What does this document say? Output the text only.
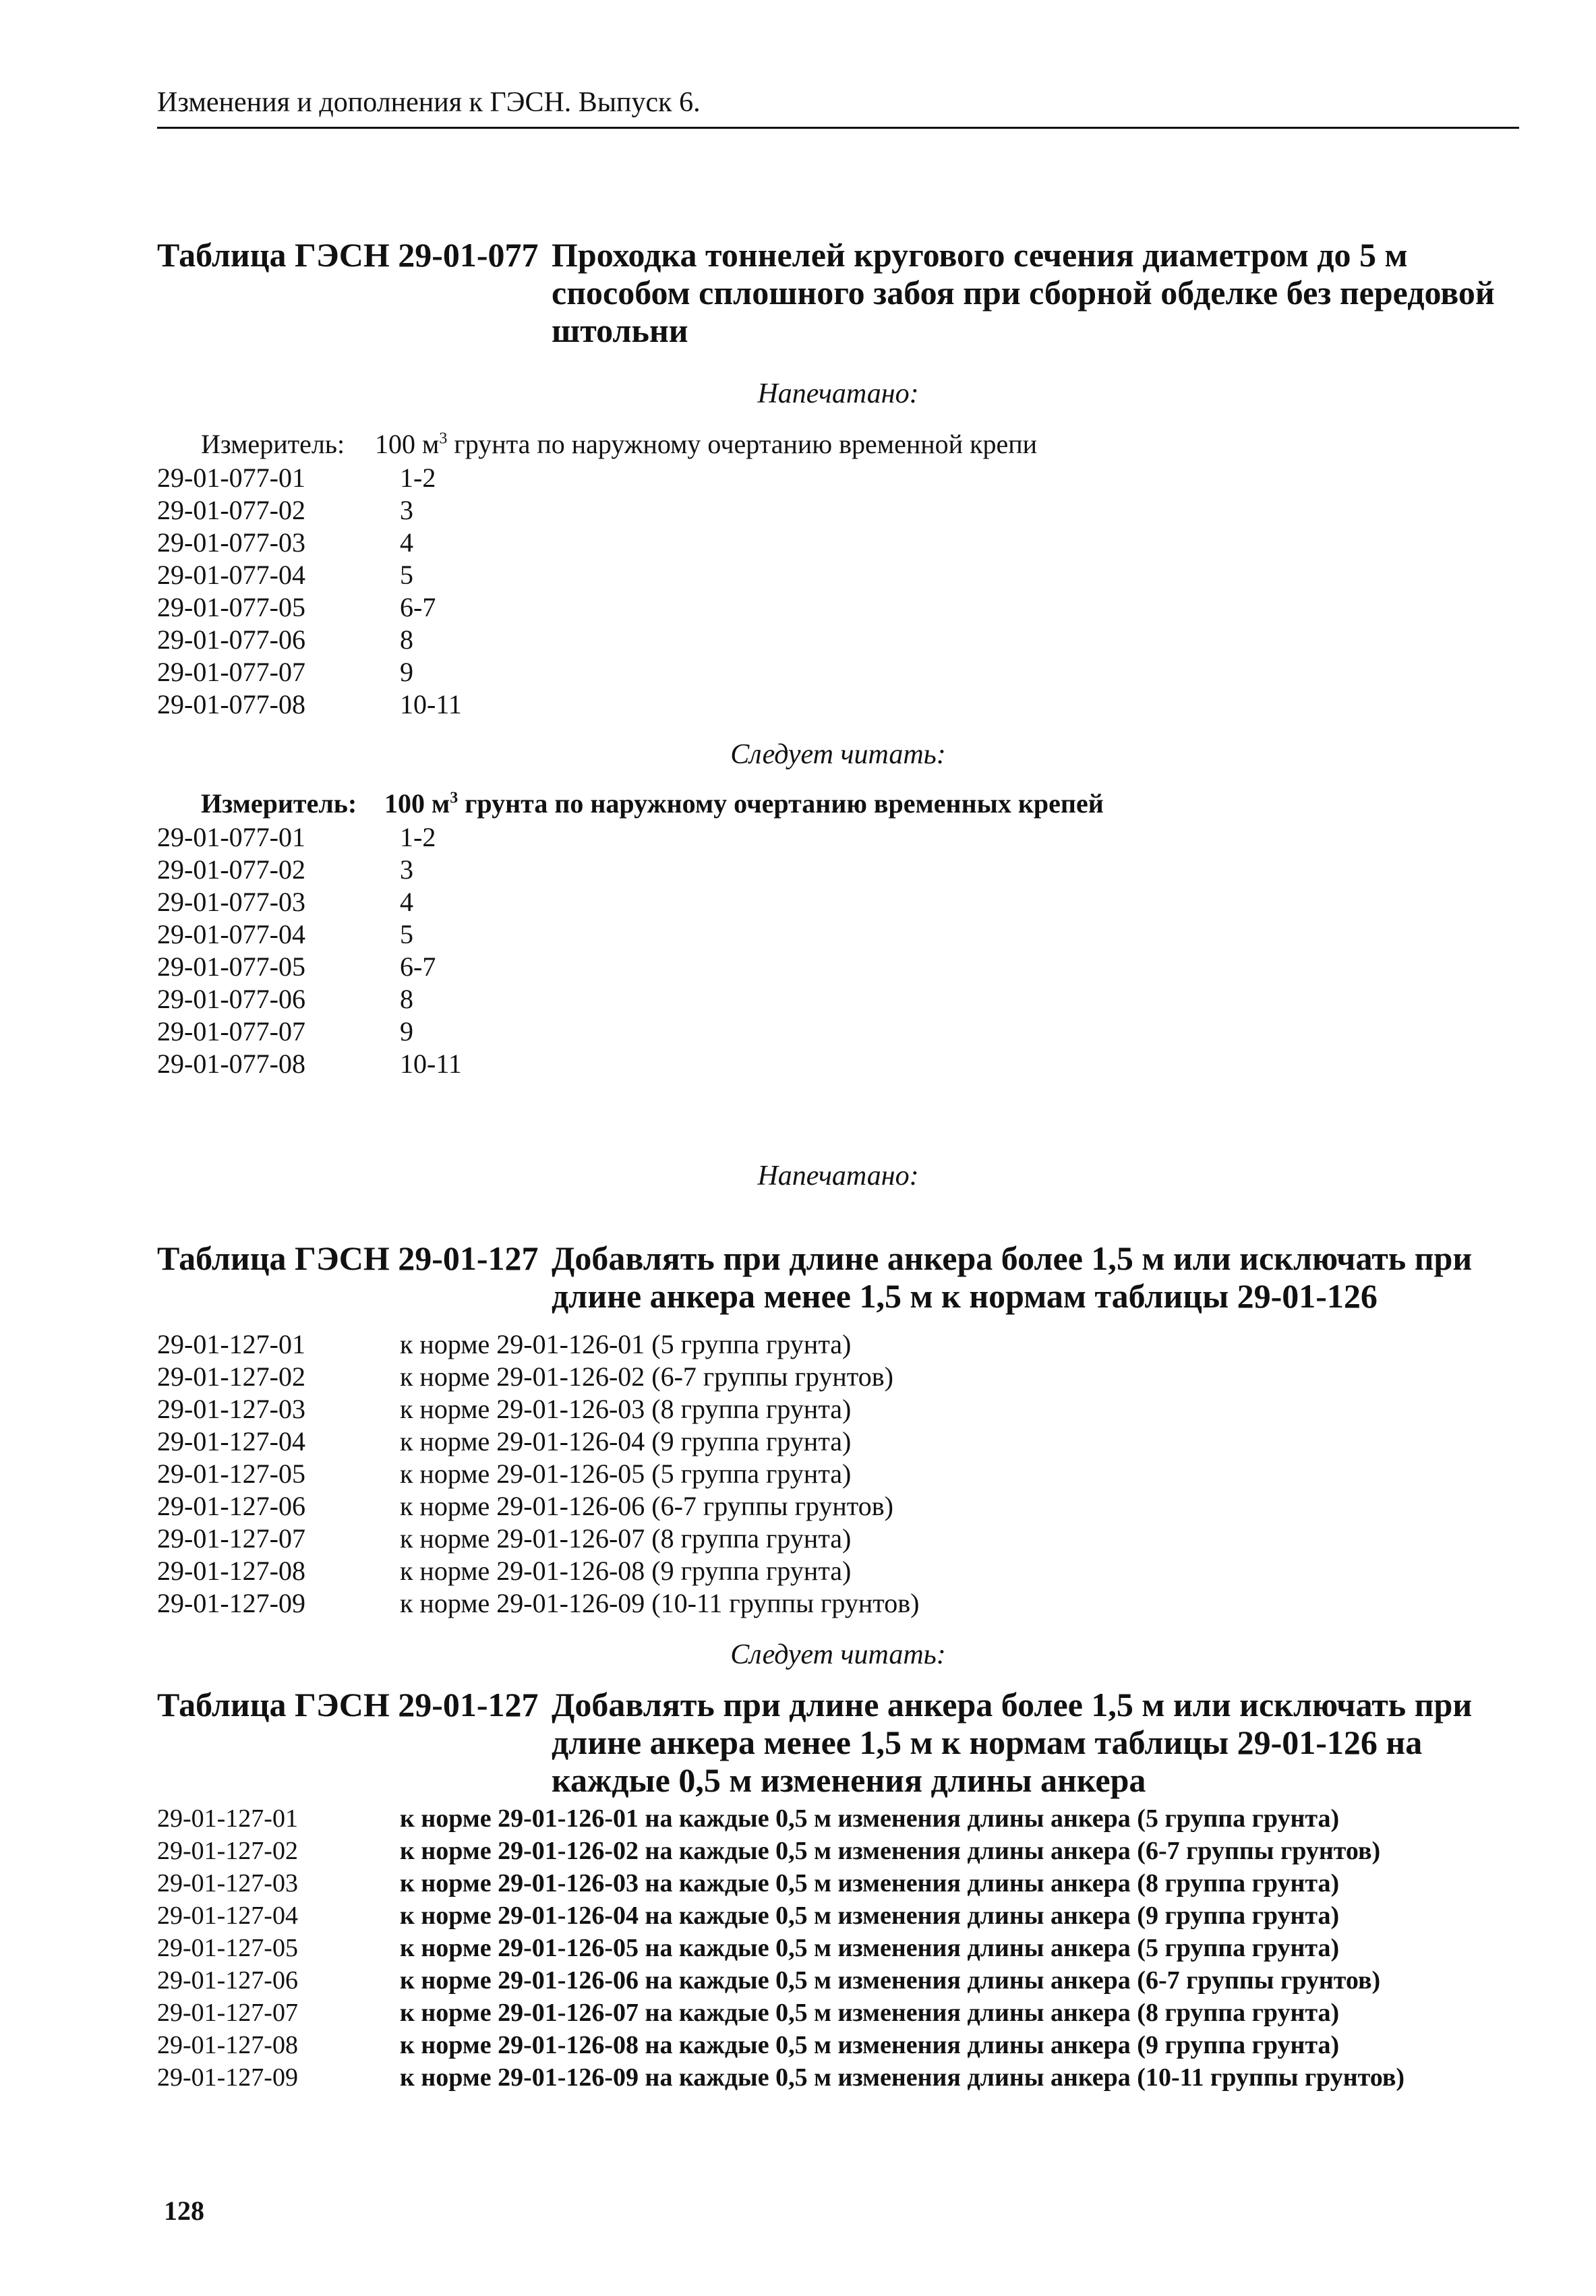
Изменения и дополнения к ГЭСН. Выпуск 6.
Таблица ГЭСН 29-01-077 Проходка тоннелей кругового сечения диаметром до 5 м способом сплошного забоя при сборной обделке без передовой штольни
Напечатано:
Измеритель: 100 $м^3$ грунта по наружному очертанию временной крепи
29-01-077-01	1-2
29-01-077-02	3
29-01-077-03	4
29-01-077-04	5
29-01-077-05	6-7
29-01-077-06	8
29-01-077-07	9
29-01-077-08	10-11
Следует читать:
Измеритель: 100 $м^3$ грунта по наружному очертанию временных крепей
29-01-077-01	1-2
29-01-077-02	3
29-01-077-03	4
29-01-077-04	5
29-01-077-05	6-7
29-01-077-06	8
29-01-077-07	9
29-01-077-08	10-11
Напечатано:
Таблица ГЭСН 29-01-127 Добавлять при длине анкера более 1,5 м или исключать при длине анкера менее 1,5 м к нормам таблицы 29-01-126
29-01-127-01	к норме 29-01-126-01 (5 группа грунта)
29-01-127-02	к норме 29-01-126-02 (6-7 группы грунтов)
29-01-127-03	к норме 29-01-126-03 (8 группа грунта)
29-01-127-04	к норме 29-01-126-04 (9 группа грунта)
29-01-127-05	к норме 29-01-126-05 (5 группа грунта)
29-01-127-06	к норме 29-01-126-06 (6-7 группы грунтов)
29-01-127-07	к норме 29-01-126-07 (8 группа грунта)
29-01-127-08	к норме 29-01-126-08 (9 группа грунта)
29-01-127-09	к норме 29-01-126-09 (10-11 группы грунтов)
Следует читать:
Таблица ГЭСН 29-01-127 Добавлять при длине анкера более 1,5 м или исключать при длине анкера менее 1,5 м к нормам таблицы 29-01-126 на каждые 0,5 м изменения длины анкера
29-01-127-01	к норме 29-01-126-01 на каждые 0,5 м изменения длины анкера (5 группа грунта)
29-01-127-02	к норме 29-01-126-02 на каждые 0,5 м изменения длины анкера (6-7 группы грунтов)
29-01-127-03	к норме 29-01-126-03 на каждые 0,5 м изменения длины анкера (8 группа грунта)
29-01-127-04	к норме 29-01-126-04 на каждые 0,5 м изменения длины анкера (9 группа грунта)
29-01-127-05	к норме 29-01-126-05 на каждые 0,5 м изменения длины анкера (5 группа грунта)
29-01-127-06	к норме 29-01-126-06 на каждые 0,5 м изменения длины анкера (6-7 группы грунтов)
29-01-127-07	к норме 29-01-126-07 на каждые 0,5 м изменения длины анкера (8 группа грунта)
29-01-127-08	к норме 29-01-126-08 на каждые 0,5 м изменения длины анкера (9 группа грунта)
29-01-127-09	к норме 29-01-126-09 на каждые 0,5 м изменения длины анкера (10-11 группы грунтов)
128
